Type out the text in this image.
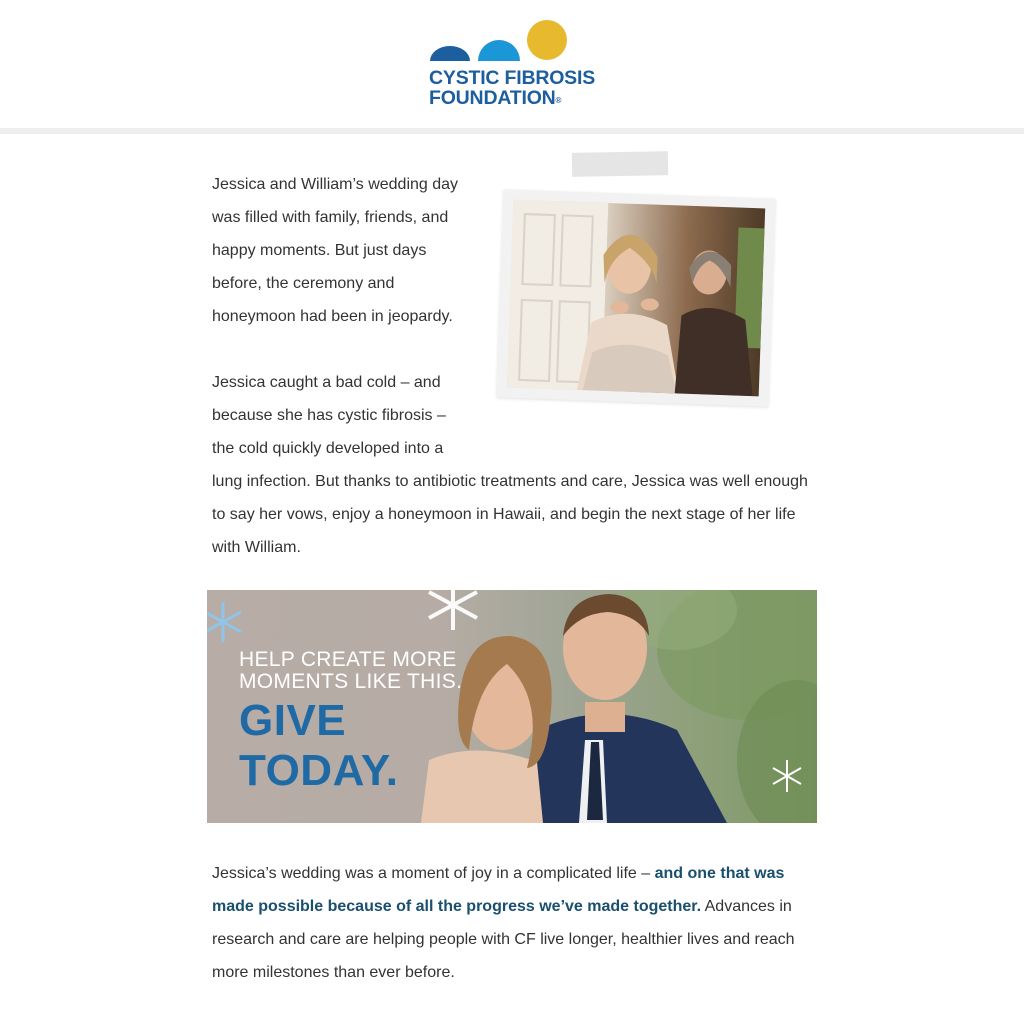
CYSTIC FIBROSIS
FOUNDATION®

Jessica and William’s wedding day was filled with family, friends, and happy moments. But just days before, the ceremony and honeymoon had been in jeopardy.

Jessica caught a bad cold – and because she has cystic fibrosis – the cold quickly developed into a lung infection. But thanks to antibiotic treatments and care, Jessica was well enough to say her vows, enjoy a honeymoon in Hawaii, and begin the next stage of her life with William.

HELP CREATE MORE
MOMENTS LIKE THIS.
GIVE
TODAY.

Jessica’s wedding was a moment of joy in a complicated life – and one that was made possible because of all the progress we’ve made together. Advances in research and care are helping people with CF live longer, healthier lives and reach more milestones than ever before.
